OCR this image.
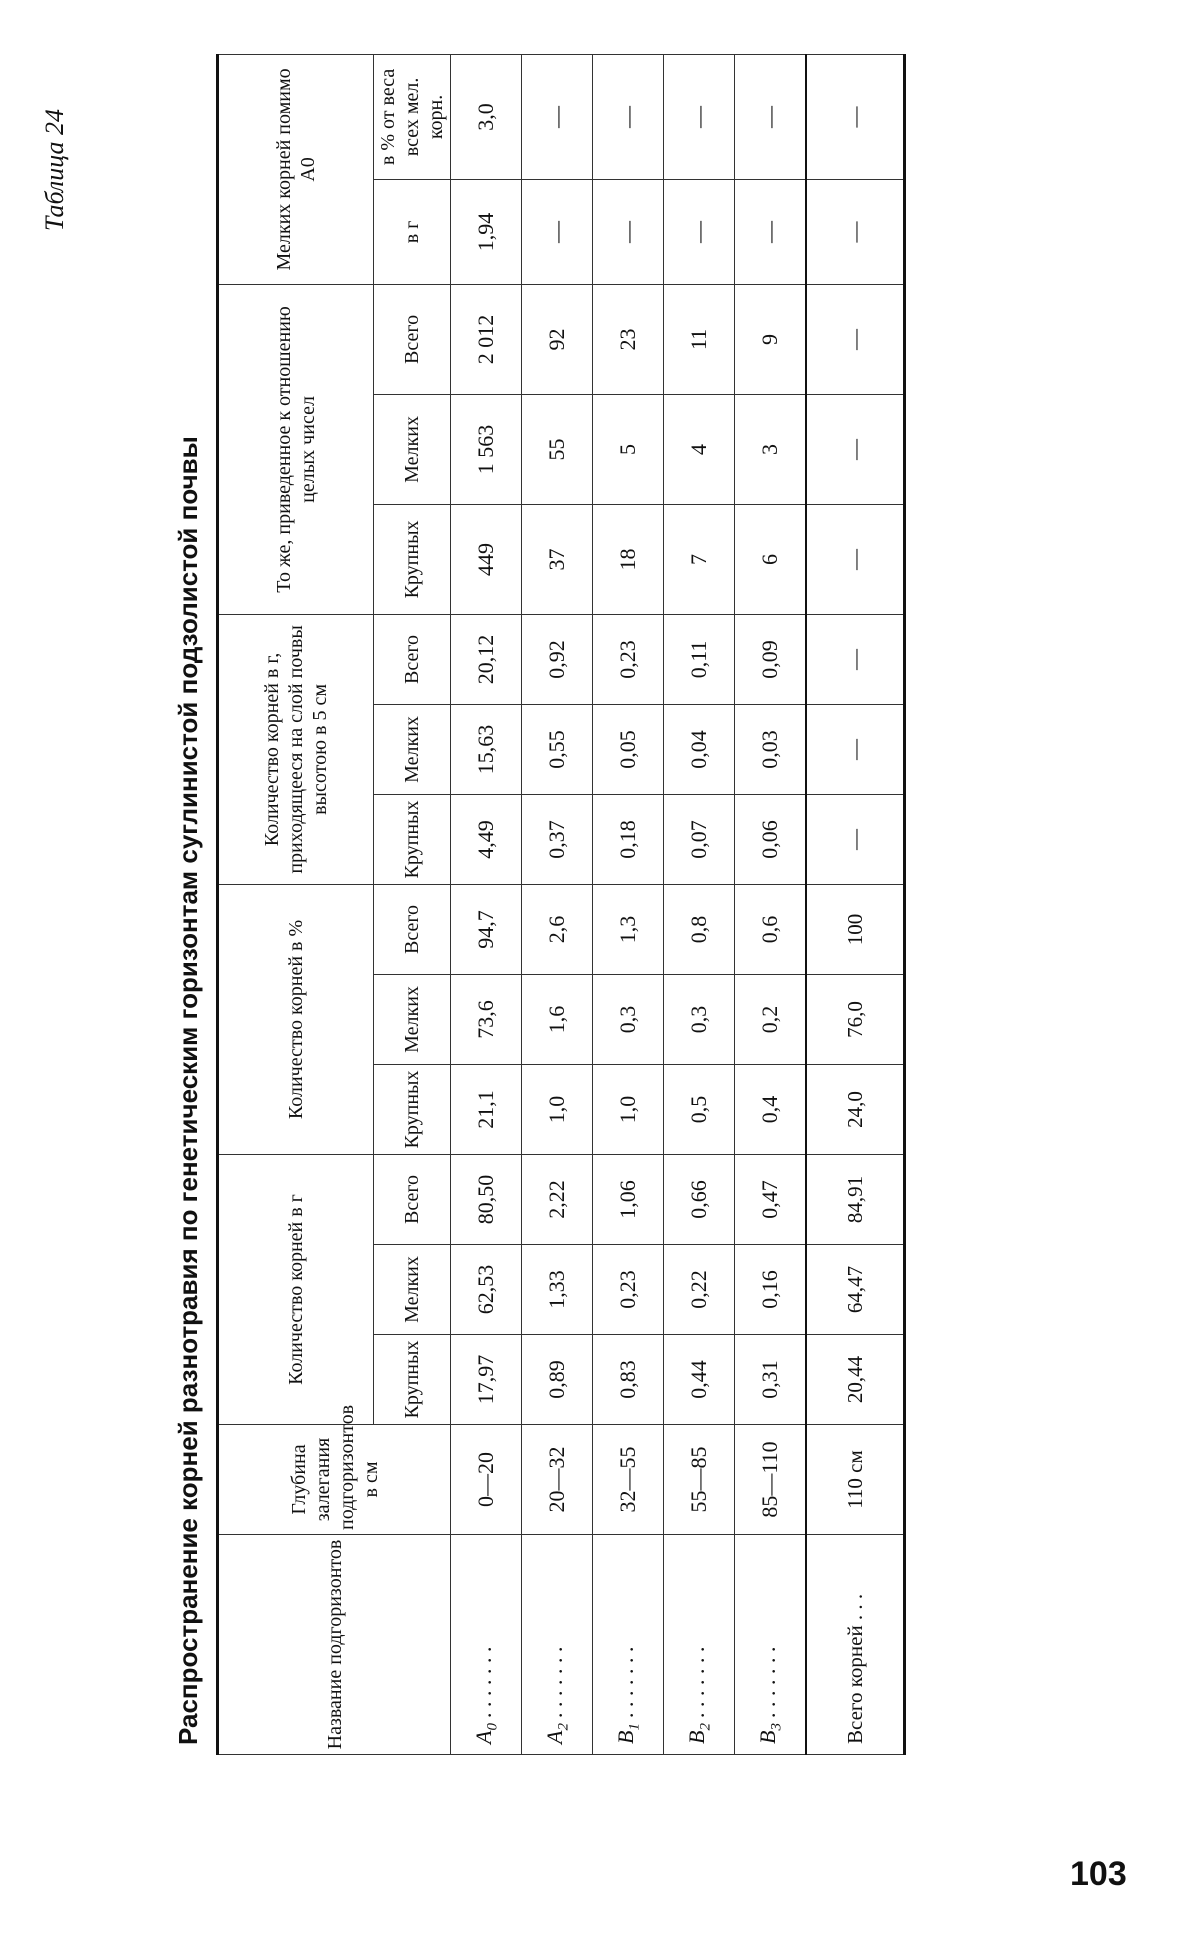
Таблица 24
Распространение корней разнотравия по генетическим горизонтам суглинистой подзолистой почвы	Название подгоризонтов	Глубина залегания подгоризонтов в см	Количество корней в г			Количество корней в %			Количество корней в г, приходящееся на слой почвы высотою в 5 см			То же, приведенное к отношению целых чисел			Мелких корней помимо A0	
		Крупных	Мелких	Всего	Крупных	Мелких	Всего	Крупных	Мелких	Всего	Крупных	Мелких	Всего	в г	в % от веса всех мел. корн.
$A_0$ . . . . . . .	0—20	17,97	62,53	80,50	21,1	73,6	94,7	4,49	15,63	20,12	449	1 563	2 012	1,94	3,0
$A_2$ . . . . . . .	20—32	0,89	1,33	2,22	1,0	1,6	2,6	0,37	0,55	0,92	37	55	92	—	—
$B_1$ . . . . . . .	32—55	0,83	0,23	1,06	1,0	0,3	1,3	0,18	0,05	0,23	18	5	23	—	—
$B_2$ . . . . . . .	55—85	0,44	0,22	0,66	0,5	0,3	0,8	0,07	0,04	0,11	7	4	11	—	—
$B_3$ . . . . . . .	85—110	0,31	0,16	0,47	0,4	0,2	0,6	0,06	0,03	0,09	6	3	9	—	—
Всего корней . . .	110 см	20,44	64,47	84,91	24,0	76,0	100	—	—	—	—	—	—	—	—
103
